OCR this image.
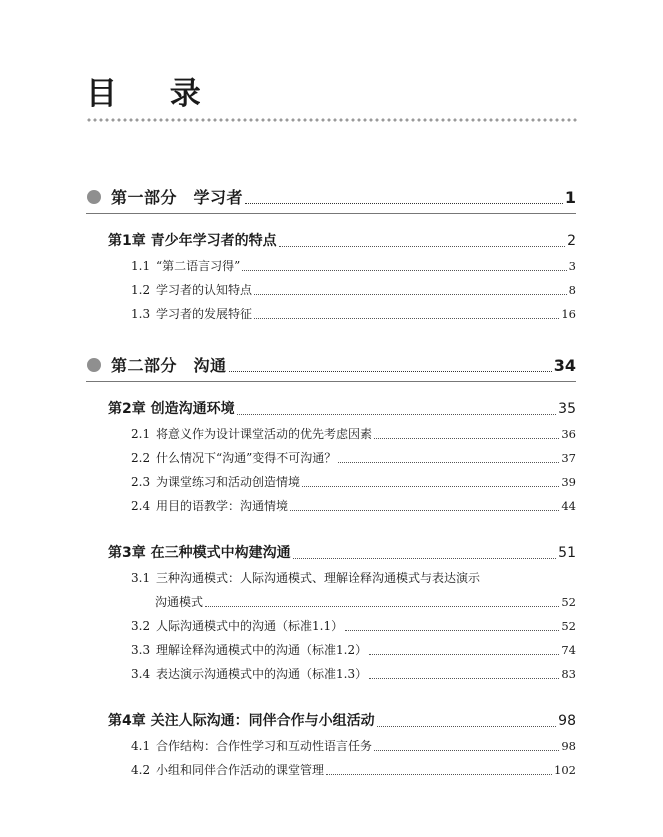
目 录
第一部分　学习者	1
第1章 青少年学习者的特点	2
1.1 “第二语言习得”	3
1.2 学习者的认知特点	8
1.3 学习者的发展特征	16
第二部分　沟通	34
第2章 创造沟通环境	35
2.1 将意义作为设计课堂活动的优先考虑因素	36
2.2 什么情况下“沟通”变得不可沟通？	37
2.3 为课堂练习和活动创造情境	39
2.4 用目的语教学：沟通情境	44
第3章 在三种模式中构建沟通	51
3.1 三种沟通模式：人际沟通模式、理解诠释沟通模式与表达演示
沟通模式	52
3.2 人际沟通模式中的沟通（标准1.1）	52
3.3 理解诠释沟通模式中的沟通（标准1.2）	74
3.4 表达演示沟通模式中的沟通（标准1.3）	83
第4章 关注人际沟通：同伴合作与小组活动	98
4.1 合作结构：合作性学习和互动性语言任务	98
4.2 小组和同伴合作活动的课堂管理	102
